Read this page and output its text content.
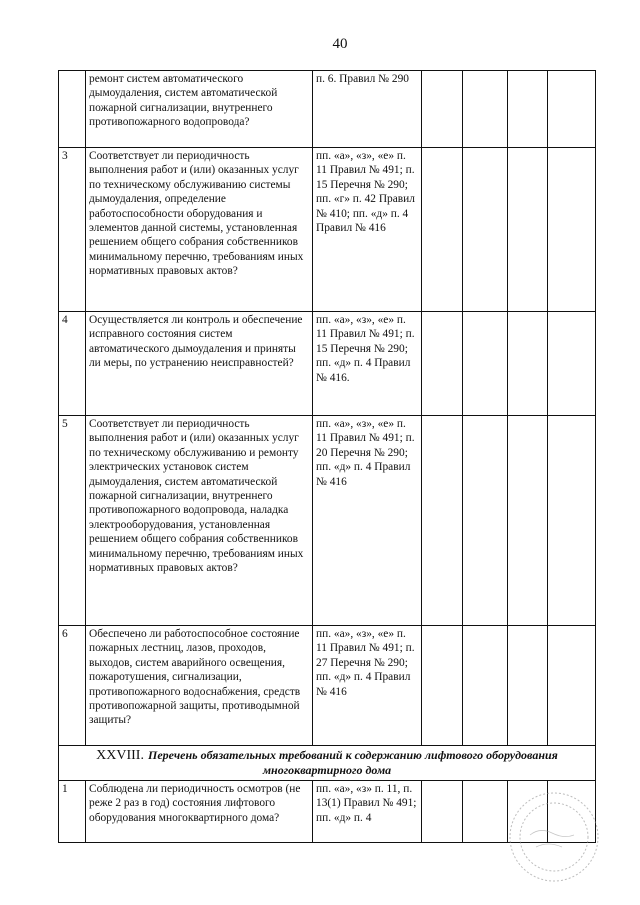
40
	ремонт систем автоматического дымоудаления, систем автоматической пожарной сигнализации, внутреннего противопожарного водопровода?	п. 6. Правил № 290				
3	Соответствует ли периодичность выполнения работ и (или) оказанных услуг по техническому обслуживанию системы дымоудаления, определение работоспособности оборудования и элементов данной системы, установленная решением общего собрания собственников минимальному перечню, требованиям иных нормативных правовых актов?	пп. «а», «з», «е» п. 11 Правил № 491; п. 15 Перечня № 290; пп. «г» п. 42 Правил № 410; пп. «д» п. 4 Правил № 416				
4	Осуществляется ли контроль и обеспечение исправного состояния систем автоматического дымоудаления и приняты ли меры, по устранению неисправностей?	пп. «а», «з», «е» п. 11 Правил № 491; п. 15 Перечня № 290; пп. «д» п. 4 Правил № 416.				
5	Соответствует ли периодичность выполнения работ и (или) оказанных услуг по техническому обслуживанию и ремонту электрических установок систем дымоудаления, систем автоматической пожарной сигнализации, внутреннего противопожарного водопровода, наладка электрооборудования, установленная решением общего собрания собственников минимальному перечню, требованиям иных нормативных правовых актов?	пп. «а», «з», «е» п. 11 Правил № 491; п. 20 Перечня № 290; пп. «д» п. 4 Правил № 416				
6	Обеспечено ли работоспособное состояние пожарных лестниц, лазов, проходов, выходов, систем аварийного освещения, пожаротушения, сигнализации, противопожарного водоснабжения, средств противопожарной защиты, противодымной защиты?	пп. «а», «з», «е» п. 11 Правил № 491; п. 27 Перечня № 290; пп. «д» п. 4 Правил № 416				
XXVIII. Перечень обязательных требований к содержанию лифтового оборудования многоквартирного дома						
1	Соблюдена ли периодичность осмотров (не реже 2 раз в год) состояния лифтового оборудования многоквартирного дома?	пп. «а», «з» п. 11, п. 13(1) Правил № 491; пп. «д» п. 4				
